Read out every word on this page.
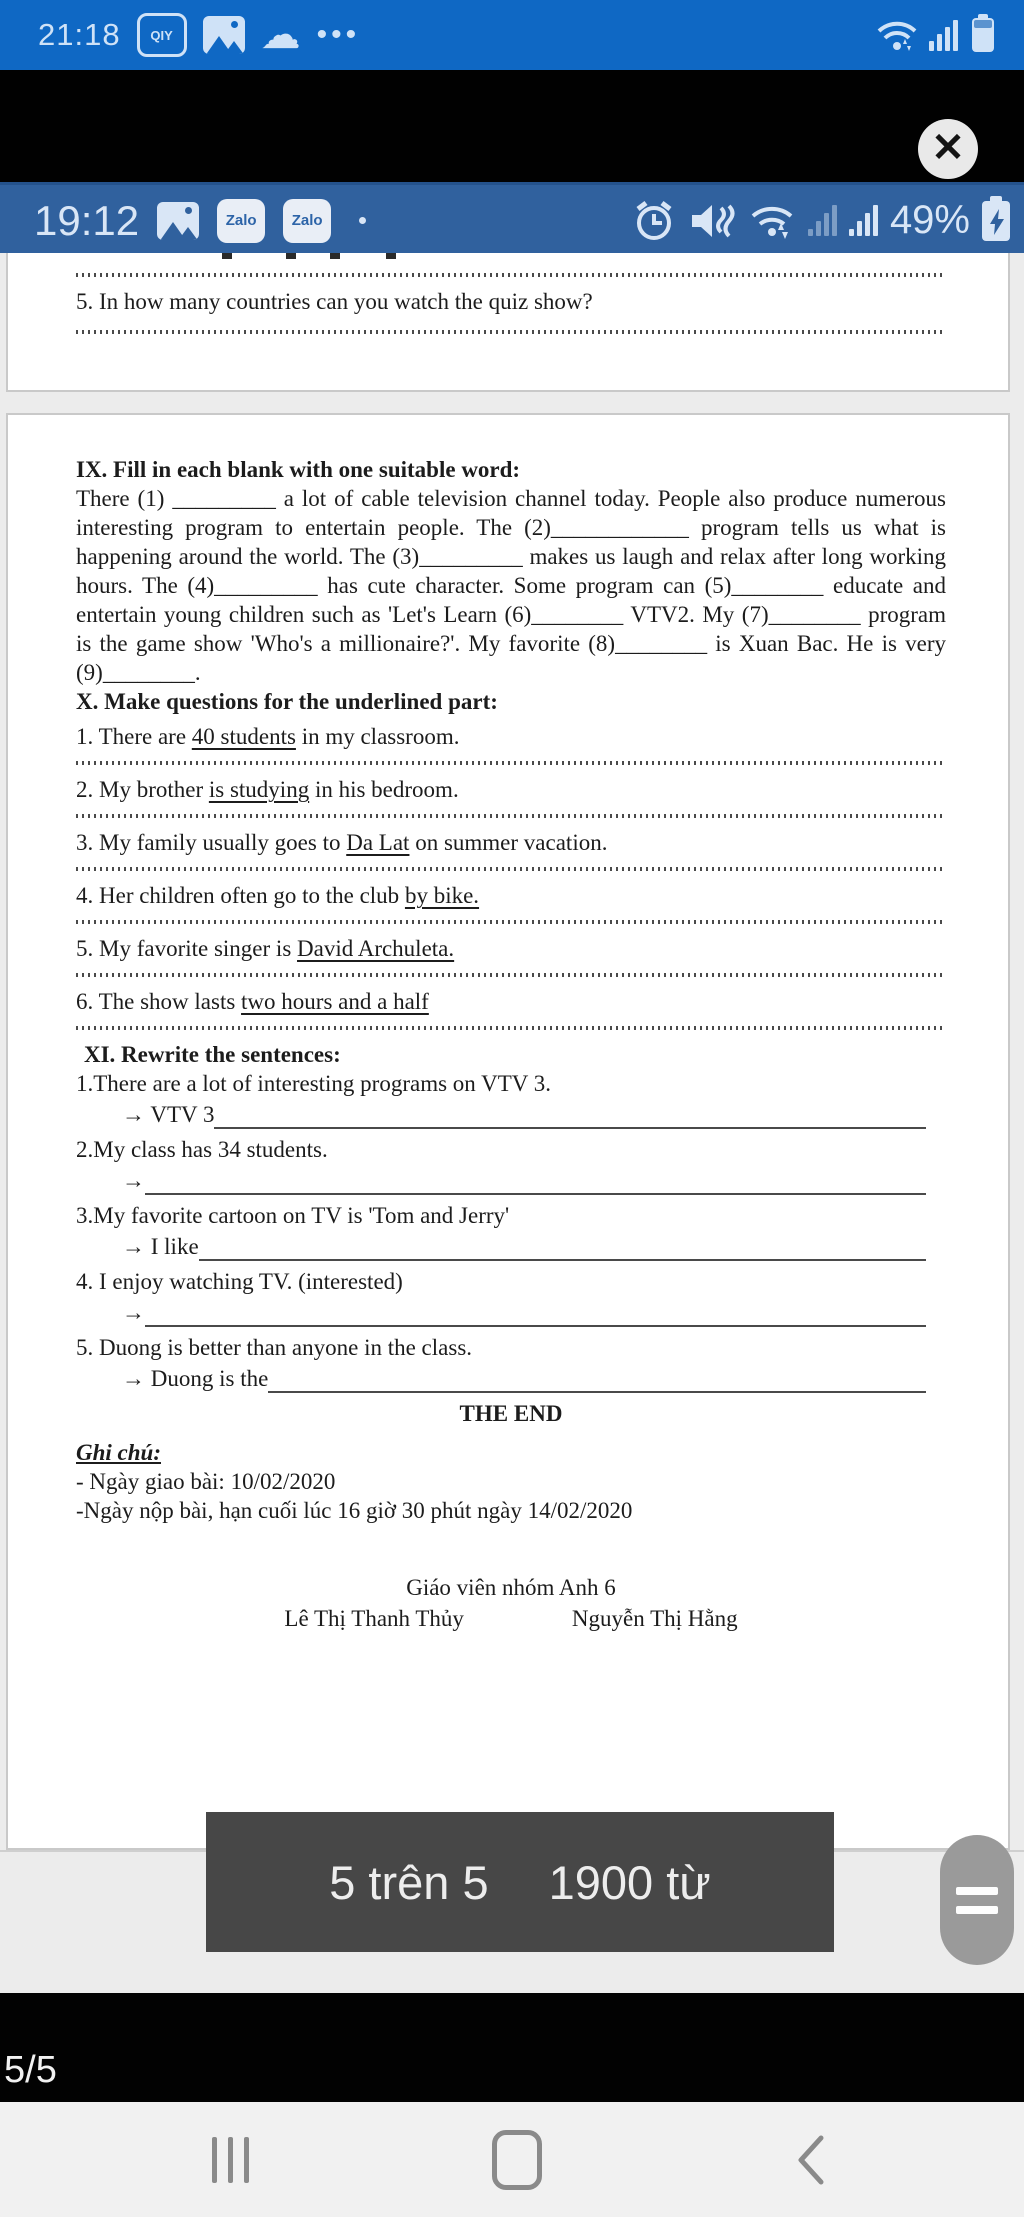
21:18 QIY ☁ •••
✕
19:12	Zalo Zalo	49%
5. In how many countries can you watch the quiz show?
IX. Fill in each blank with one suitable word:
There (1) _________ a lot of cable television channel today. People also produce numerous interesting program to entertain people. The (2)____________ program tells us what is happening around the world. The (3)_________ makes us laugh and relax after long working hours. The (4)_________ has cute character. Some program can (5)________ educate and entertain young children such as 'Let's Learn (6)________ VTV2. My (7)________ program is the game show 'Who's a millionaire?'. My favorite (8)________ is Xuan Bac. He is very (9)________.
X. Make questions for the underlined part:
1. There are 40 students in my classroom.
2. My brother is studying in his bedroom.
3. My family usually goes to Da Lat on summer vacation.
4. Her children often go to the club by bike.
5. My favorite singer is David Archuleta.
6. The show lasts two hours and a half
XI. Rewrite the sentences:
1.There are a lot of interesting programs on VTV 3.
→ VTV 3
2.My class has 34 students.
→
3.My favorite cartoon on TV is 'Tom and Jerry'
→ I like
4. I enjoy watching TV. (interested)
→
5. Duong is better than anyone in the class.
→ Duong is the
THE END
Ghi chú:
- Ngày giao bài: 10/02/2020
-Ngày nộp bài, hạn cuối lúc 16 giờ 30 phút ngày 14/02/2020
Giáo viên nhóm Anh 6
Lê Thị Thanh Thủy	Nguyễn Thị Hằng
5 trên 5 1900 từ
5/5
